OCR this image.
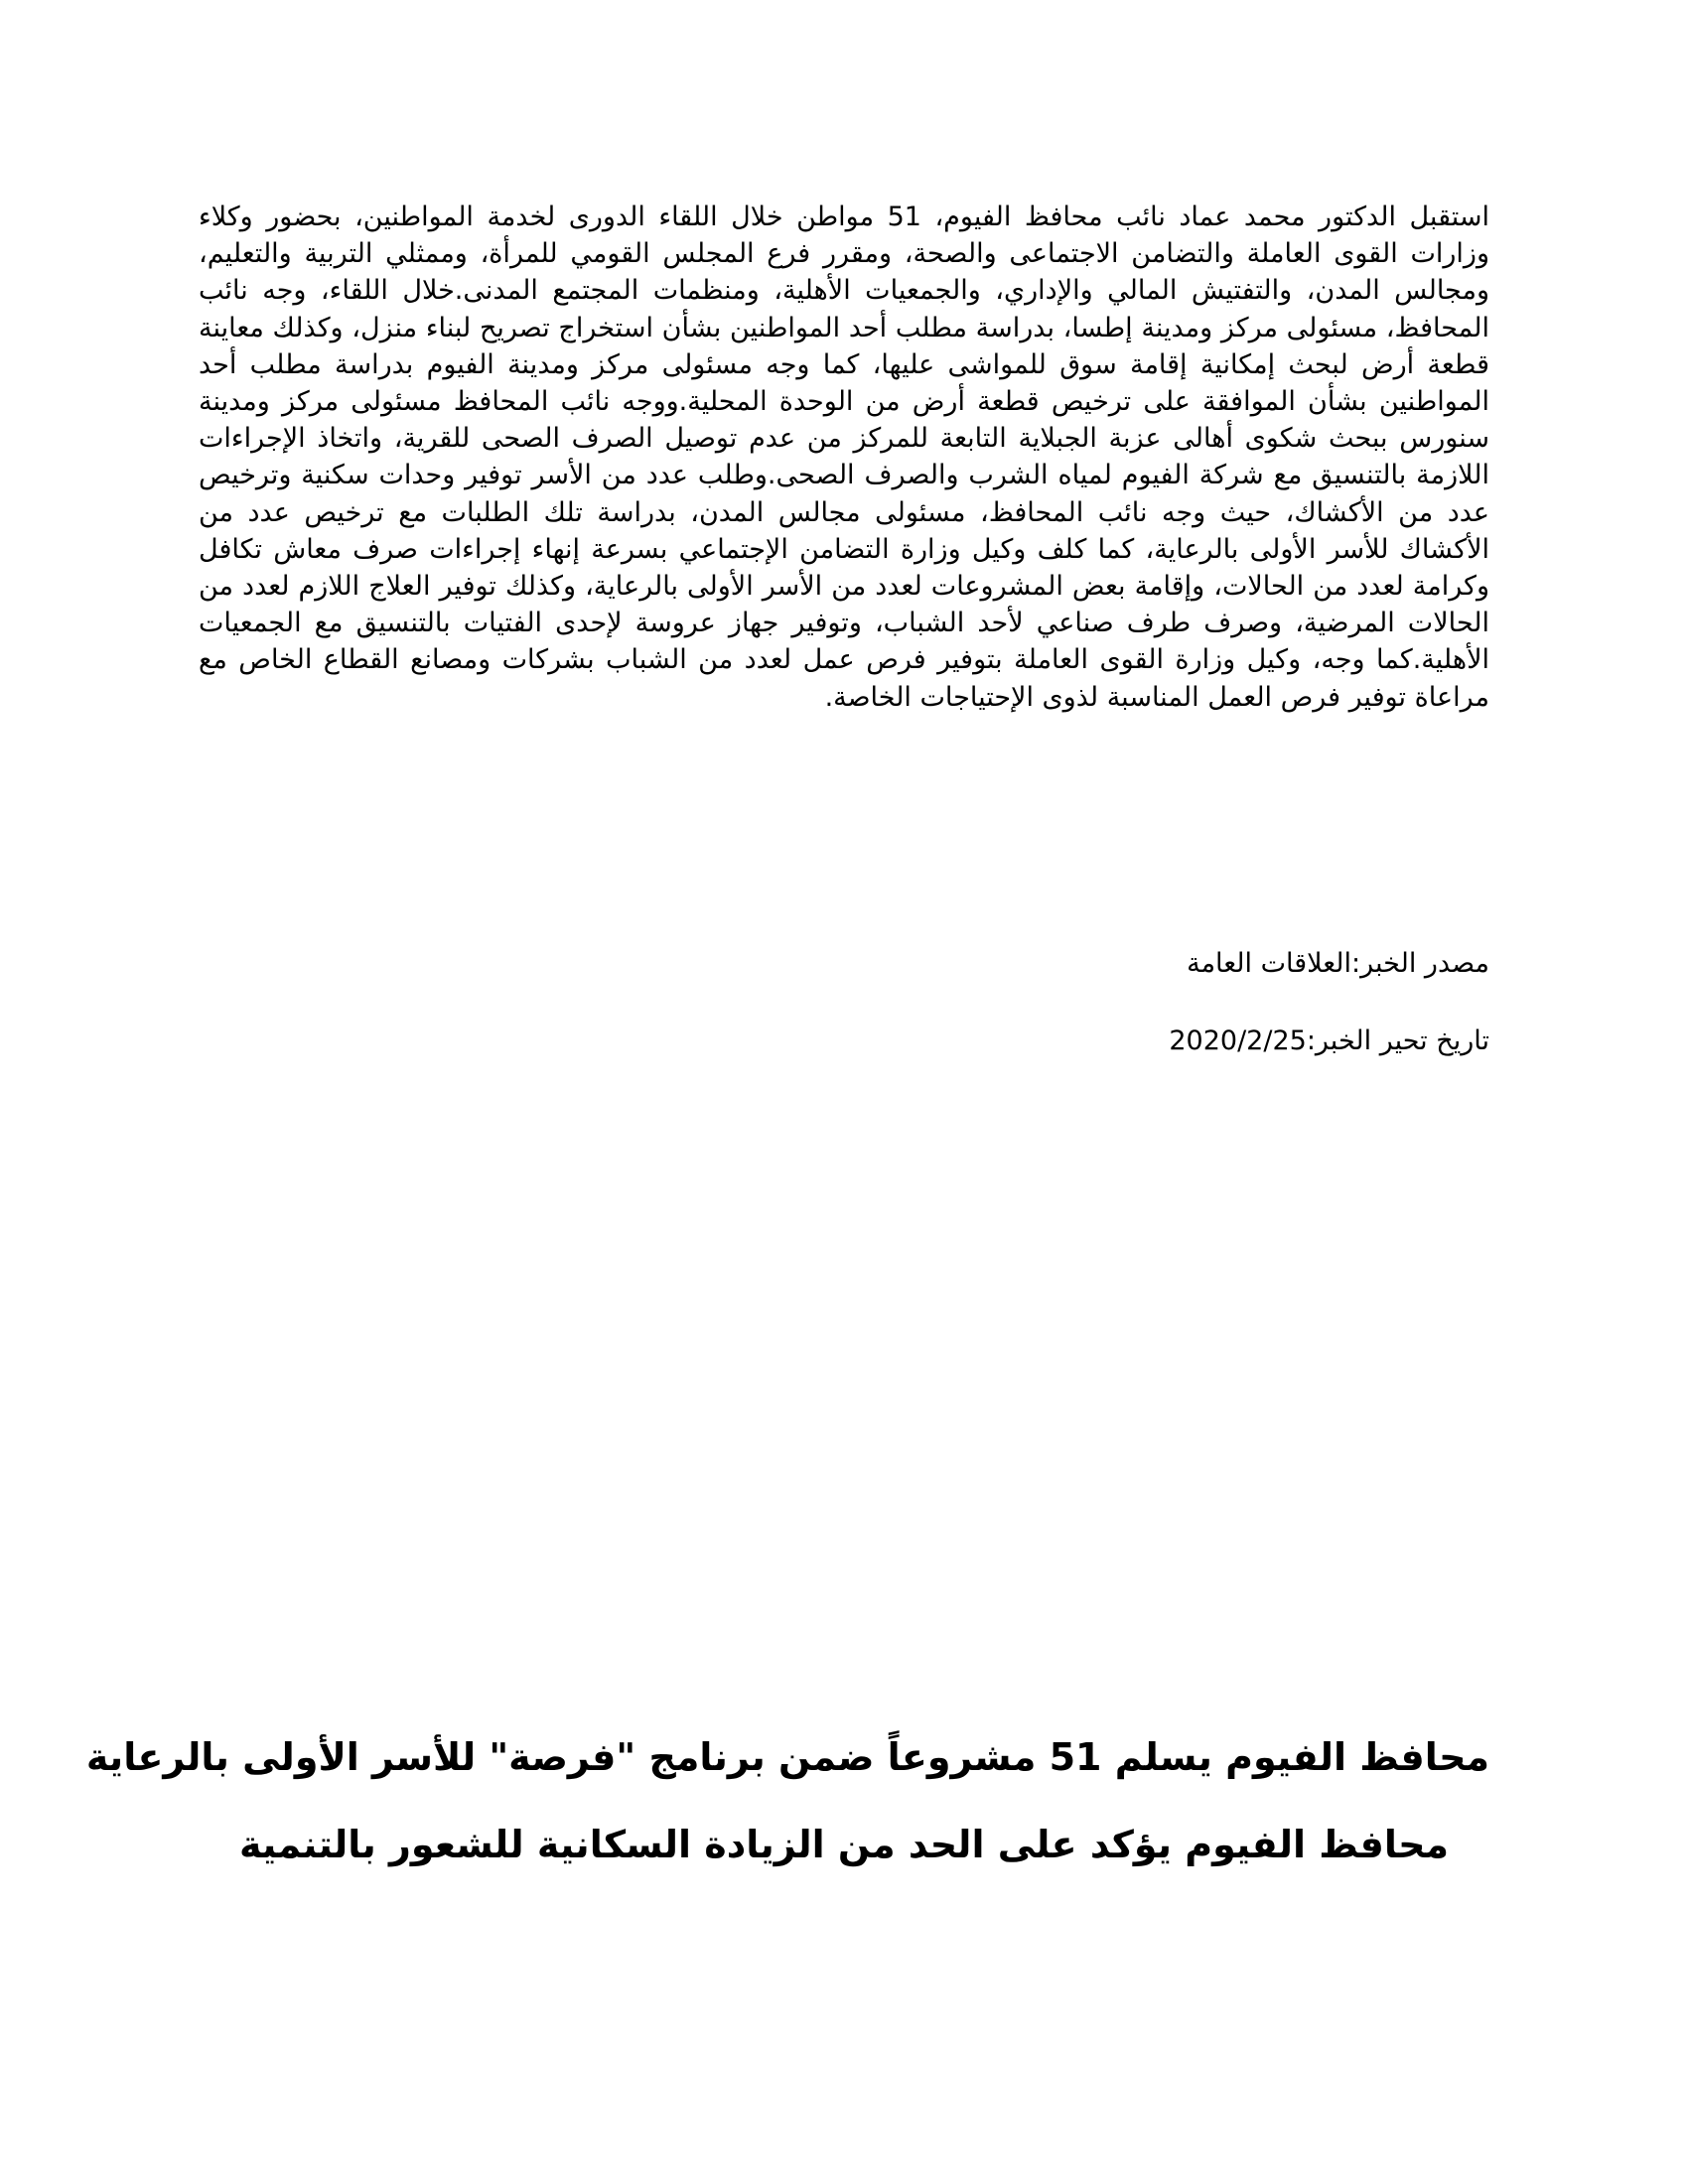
استقبل الدكتور محمد عماد نائب محافظ الفيوم، 51 مواطن خلال اللقاء الدورى لخدمة المواطنين، بحضور وكلاء وزارات القوى العاملة والتضامن الاجتماعى والصحة، ومقرر فرع المجلس القومي للمرأة، وممثلي التربية والتعليم، ومجالس المدن، والتفتيش المالي والإداري، والجمعيات الأهلية، ومنظمات المجتمع المدنى.خلال اللقاء، وجه نائب المحافظ، مسئولى مركز ومدينة إطسا، بدراسة مطلب أحد المواطنين بشأن استخراج تصريح لبناء منزل، وكذلك معاينة قطعة أرض لبحث إمكانية إقامة سوق للمواشى عليها، كما وجه مسئولى مركز ومدينة الفيوم بدراسة مطلب أحد المواطنين بشأن الموافقة على ترخيص قطعة أرض من الوحدة المحلية.ووجه نائب المحافظ مسئولى مركز ومدينة سنورس ببحث شكوى أهالى عزبة الجبلاية التابعة للمركز من عدم توصيل الصرف الصحى للقرية، واتخاذ الإجراءات اللازمة بالتنسيق مع شركة الفيوم لمياه الشرب والصرف الصحى.وطلب عدد من الأسر توفير وحدات سكنية وترخيص عدد من الأكشاك، حيث وجه نائب المحافظ، مسئولى مجالس المدن، بدراسة تلك الطلبات مع ترخيص عدد من الأكشاك للأسر الأولى بالرعاية، كما كلف وكيل وزارة التضامن الإجتماعي بسرعة إنهاء إجراءات صرف معاش تكافل وكرامة لعدد من الحالات، وإقامة بعض المشروعات لعدد من الأسر الأولى بالرعاية، وكذلك توفير العلاج اللازم لعدد من الحالات المرضية، وصرف طرف صناعي لأحد الشباب، وتوفير جهاز عروسة لإحدى الفتيات بالتنسيق مع الجمعيات الأهلية.كما وجه، وكيل وزارة القوى العاملة بتوفير فرص عمل لعدد من الشباب بشركات ومصانع القطاع الخاص مع مراعاة توفير فرص العمل المناسبة لذوى الإحتياجات الخاصة.

مصدر الخبر:العلاقات العامة

تاريخ تحير الخبر:2020/2/25

محافظ الفيوم يسلم 51 مشروعاً ضمن برنامج "فرصة" للأسر الأولى بالرعاية
محافظ الفيوم يؤكد على الحد من الزيادة السكانية للشعور بالتنمية
